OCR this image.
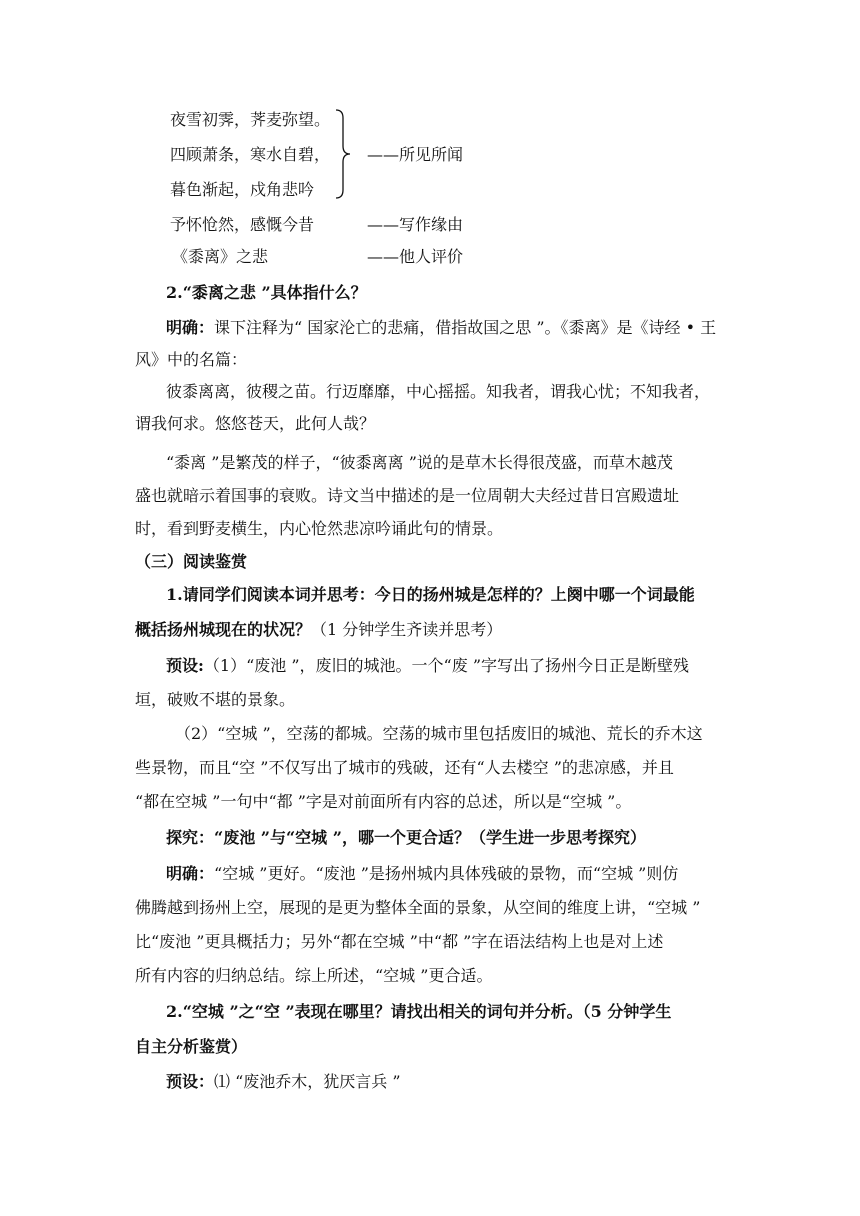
夜雪初霁，荠麦弥望。
四顾萧条，寒水自碧，
暮色渐起，戍角悲吟
——所见所闻
予怀怆然，感慨今昔	——写作缘由
《黍离》之悲	——他人评价
2.“黍离之悲 ”具体指什么？
明确：课下注释为“ 国家沦亡的悲痛，借指故国之思 ”。《黍离》是《诗经 • 王
风》中的名篇：
彼黍离离，彼稷之苗。行迈靡靡，中心摇摇。知我者，谓我心忧；不知我者，
谓我何求。悠悠苍天，此何人哉？
“黍离 ”是繁茂的样子，“彼黍离离 ”说的是草木长得很茂盛，而草木越茂
盛也就暗示着国事的衰败。诗文当中描述的是一位周朝大夫经过昔日宫殿遗址
时，看到野麦横生，内心怆然悲凉吟诵此句的情景。
（三）阅读鉴赏
1.请同学们阅读本词并思考：今日的扬州城是怎样的？上阕中哪一个词最能
概括扬州城现在的状况？（1 分钟学生齐读并思考）
预设:（1）“废池 ”，废旧的城池。一个“废 ”字写出了扬州今日正是断壁残
垣，破败不堪的景象。
（2）“空城 ”，空荡的都城。空荡的城市里包括废旧的城池、荒长的乔木这
些景物，而且“空 ”不仅写出了城市的残破，还有“人去楼空 ”的悲凉感，并且
“都在空城 ”一句中“都 ”字是对前面所有内容的总述，所以是“空城 ”。
探究：“废池 ”与“空城 ”，哪一个更合适？（学生进一步思考探究）
明确：“空城 ”更好。“废池 ”是扬州城内具体残破的景物，而“空城 ”则仿
佛腾越到扬州上空，展现的是更为整体全面的景象，从空间的维度上讲，“空城 ”
比“废池 ”更具概括力；另外“都在空城 ”中“都 ”字在语法结构上也是对上述
所有内容的归纳总结。综上所述，“空城 ”更合适。
2.“空城 ”之“空 ”表现在哪里？请找出相关的词句并分析。（5 分钟学生
自主分析鉴赏）
预设：⑴ “废池乔木，犹厌言兵 ”
